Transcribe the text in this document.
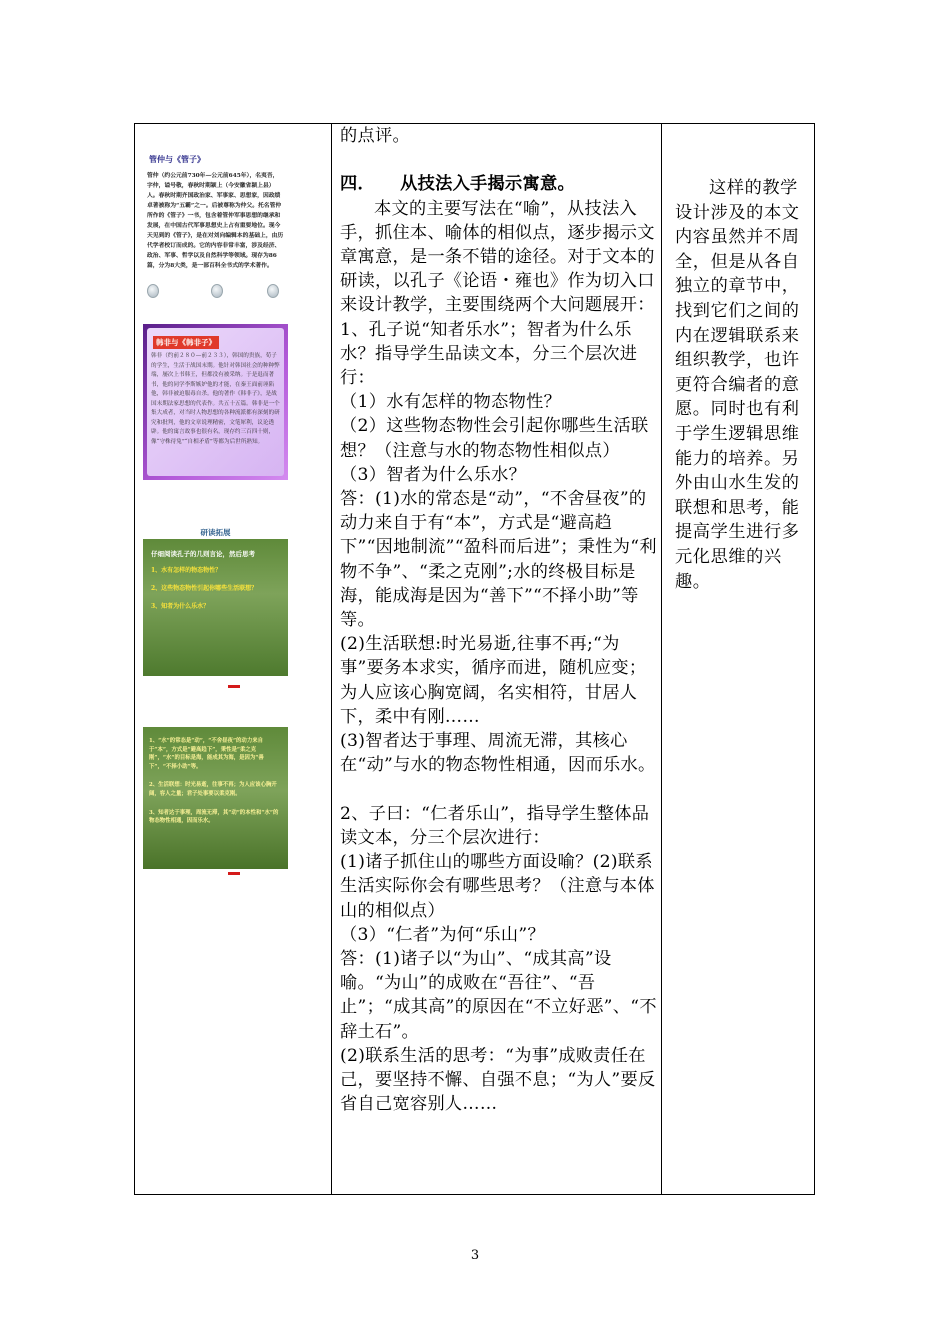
管仲与《管子》
管仲（约公元前730年—公元前645年），名夷吾，字仲，谥号敬，春秋时期颍上（今安徽省颍上县）人。春秋时期齐国政治家、军事家、思想家，因政绩卓著被称为“五霸”之一。后被尊称为仲父。托名管仲所作的《管子》一书，包含着管仲军事思想的继承和发展，在中国古代军事思想史上占有重要地位。现今天见到的《管子》，是在对刘向编辑本的基础上，由历代学者校订而成的。它的内容非常丰富，涉及经济、政治、军事、哲学以及自然科学等领域。现存为86篇，分为8大类，是一部百科全书式的学术著作。
韩非与《韩非子》
韩非（约前２８０—前２３３），韩国的贵族，荀子的学生，生活于战国末期。他针对韩国社会的种种弊端，屡次上书韩王，但都没有被采纳。于是退而著书，他的同学李斯嫉妒他的才能，在秦王面前诬陷他，韩非被迫服毒自杀。他的著作《韩非子》，是战国末期法家思想的代表作。共五十五篇。韩非是一个集大成者，对当时人物思想的各种流派都有深刻的研究和批判，他的文章说理精密，文笔犀利，议论透辟。他的寓言故事也很有名，现存约三百四十则，像“守株待兔”“自相矛盾”等都为后世所熟知。
研读拓展
仔细阅读孔子的几则言论，然后思考
1、水有怎样的物态物性？
2、这些物态物性引起你哪些生活联想？
3、知者为什么乐水？
1、“水”的常态是“动”，“不舍昼夜”的动力来自于“本”，方式是“避高趋下”，秉性是“柔之克刚”，“水”的目标是海，能成其为海，是因为“善下”，“不择小助”等。
2、生活联想：时光易逝，往事不再；为人应该心胸开阔，容人之量；君子处事要以柔克刚。
3、知者达于事理，周流无滞，其“动”的本性和“水”的物态物性相通，因而乐水。

的点评。

四．    从技法入手揭示寓意。

本文的主要写法在“喻”，从技法入手，抓住本、喻体的相似点，逐步揭示文章寓意，是一条不错的途径。对于文本的研读，以孔子《论语・雍也》作为切入口来设计教学，主要围绕两个大问题展开：

1、孔子说“知者乐水”；智者为什么乐水？指导学生品读文本，分三个层次进行：

（1）水有怎样的物态物性？

（2）这些物态物性会引起你哪些生活联想？（注意与水的物态物性相似点）

（3）智者为什么乐水？

答：(1)水的常态是“动”，“不舍昼夜”的动力来自于有“本”，方式是“避高趋下”“因地制流”“盈科而后进”；秉性为“利物不争”、“柔之克刚”;水的终极目标是海，能成海是因为“善下”“不择小助”等等。

(2)生活联想:时光易逝,往事不再;“为事”要务本求实，循序而进，随机应变；为人应该心胸宽阔，名实相符，甘居人下，柔中有刚……

(3)智者达于事理、周流无滞，其核心在“动”与水的物态物性相通，因而乐水。

2、子曰：“仁者乐山”，指导学生整体品读文本，分三个层次进行：

(1)诸子抓住山的哪些方面设喻？(2)联系生活实际你会有哪些思考？（注意与本体山的相似点）

（3）“仁者”为何“乐山”？

答：(1)诸子以“为山”、“成其高”设喻。“为山”的成败在“吾往”、“吾止”；“成其高”的原因在“不立好恶”、“不辞土石”。

(2)联系生活的思考：“为事”成败责任在己，要坚持不懈、自强不息；“为人”要反省自己宽容别人……

这样的教学设计涉及的本文内容虽然并不周全，但是从各自独立的章节中，找到它们之间的内在逻辑联系来组织教学，也许更符合编者的意愿。同时也有利于学生逻辑思维能力的培养。另外由山水生发的联想和思考，能提高学生进行多元化思维的兴趣。

3
